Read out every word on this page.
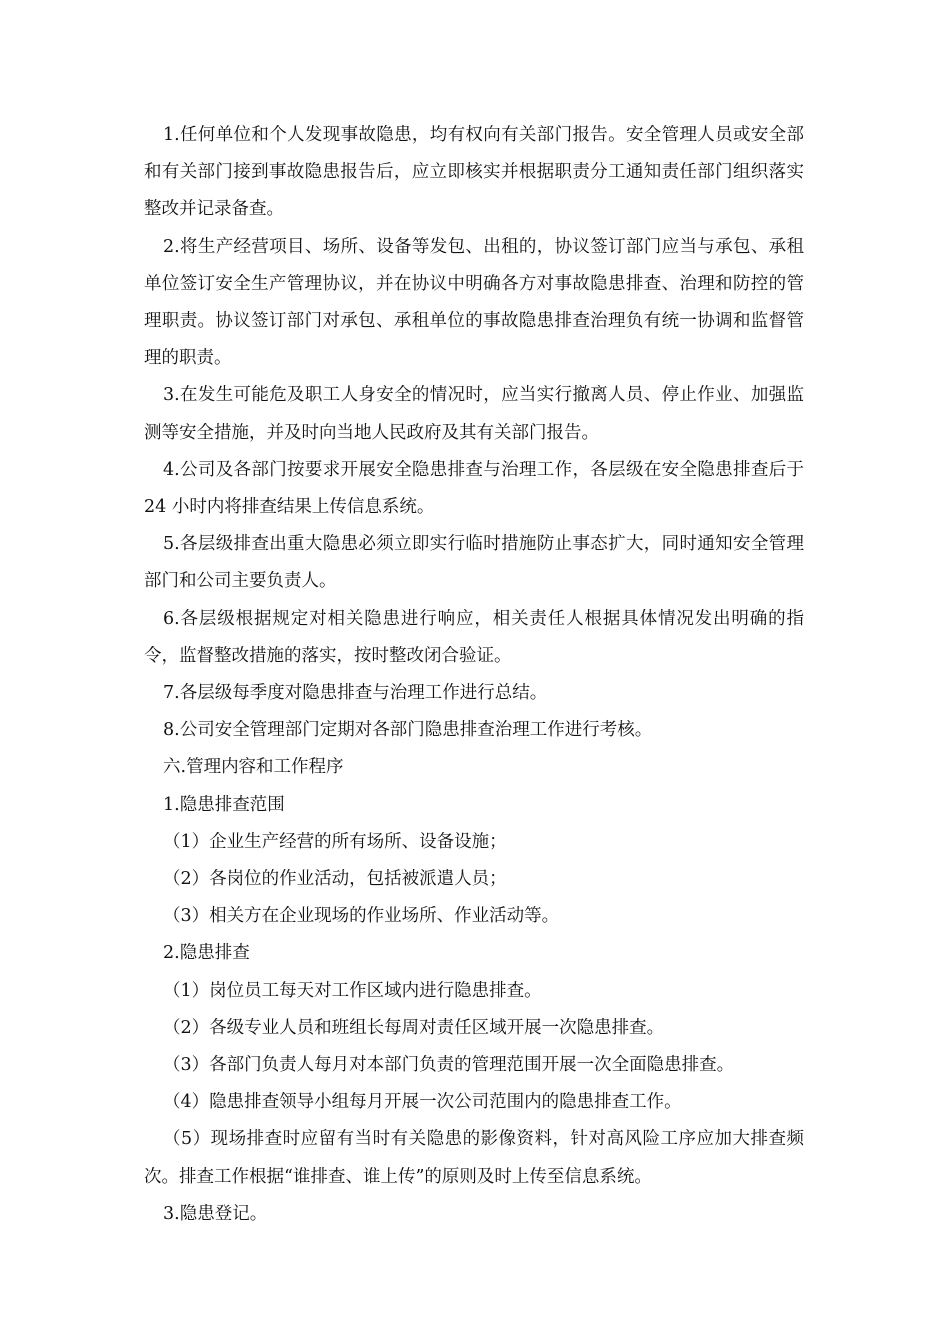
1.任何单位和个人发现事故隐患，均有权向有关部门报告。安全管理人员或安全部和有关部门接到事故隐患报告后，应立即核实并根据职责分工通知责任部门组织落实整改并记录备查。

2.将生产经营项目、场所、设备等发包、出租的，协议签订部门应当与承包、承租单位签订安全生产管理协议，并在协议中明确各方对事故隐患排查、治理和防控的管理职责。协议签订部门对承包、承租单位的事故隐患排查治理负有统一协调和监督管理的职责。

3.在发生可能危及职工人身安全的情况时，应当实行撤离人员、停止作业、加强监测等安全措施，并及时向当地人民政府及其有关部门报告。

4.公司及各部门按要求开展安全隐患排查与治理工作，各层级在安全隐患排查后于 24 小时内将排查结果上传信息系统。

5.各层级排查出重大隐患必须立即实行临时措施防止事态扩大，同时通知安全管理部门和公司主要负责人。

6.各层级根据规定对相关隐患进行响应，相关责任人根据具体情况发出明确的指令，监督整改措施的落实，按时整改闭合验证。

7.各层级每季度对隐患排查与治理工作进行总结。

8.公司安全管理部门定期对各部门隐患排查治理工作进行考核。

六.管理内容和工作程序

1.隐患排查范围

（1）企业生产经营的所有场所、设备设施；

（2）各岗位的作业活动，包括被派遣人员；

（3）相关方在企业现场的作业场所、作业活动等。

2.隐患排查

（1）岗位员工每天对工作区域内进行隐患排查。

（2）各级专业人员和班组长每周对责任区域开展一次隐患排查。

（3）各部门负责人每月对本部门负责的管理范围开展一次全面隐患排查。

（4）隐患排查领导小组每月开展一次公司范围内的隐患排查工作。

（5）现场排查时应留有当时有关隐患的影像资料，针对高风险工序应加大排查频次。排查工作根据“谁排查、谁上传”的原则及时上传至信息系统。

3.隐患登记。
